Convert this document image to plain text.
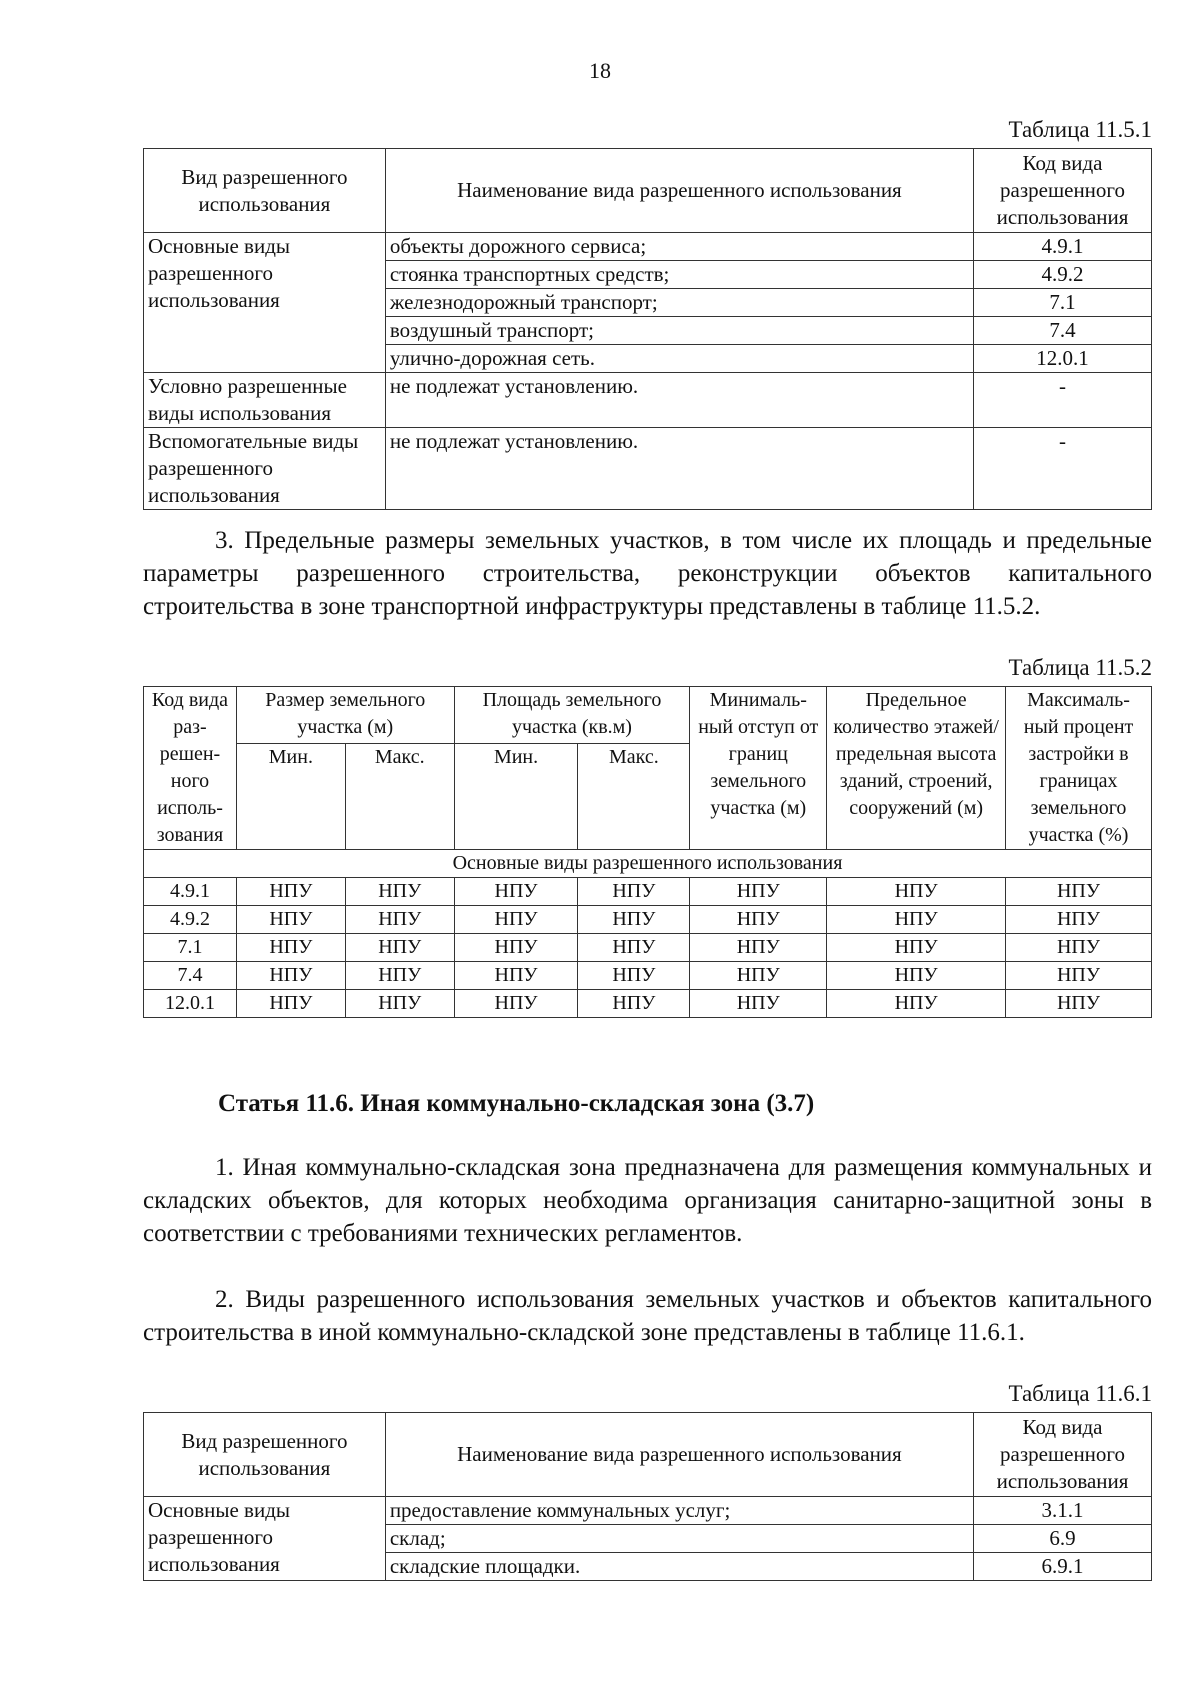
18
Таблица 11.5.1
Вид разрешенного использования	Наименование вида разрешенного использования	Код вида разрешенного использования
Основные виды разрешенного использования	объекты дорожного сервиса;	4.9.1
	стоянка транспортных средств;	4.9.2
	железнодорожный транспорт;	7.1
	воздушный транспорт;	7.4
	улично-дорожная сеть.	12.0.1
Условно разрешенные виды использования	не подлежат установлению.	-
Вспомогательные виды разрешенного использования	не подлежат установлению.	-

3. Предельные размеры земельных участков, в том числе их площадь и предельные параметры разрешенного строительства, реконструкции объектов капитального строительства в зоне транспортной инфраструктуры представлены в таблице 11.5.2.

Таблица 11.5.2
Код вида раз- решен- ного исполь- зования	Размер земельного участка (м)		Площадь земельного участка (кв.м)		Минималь- ный отступ от границ земельного участка (м)	Предельное количество этажей/ предельная высота зданий, строений, сооружений (м)	Максималь- ный процент застройки в границах земельного участка (%)
	Мин.	Макс.	Мин.	Макс.			
Основные виды разрешенного использования							
4.9.1	НПУ	НПУ	НПУ	НПУ	НПУ	НПУ	НПУ
4.9.2	НПУ	НПУ	НПУ	НПУ	НПУ	НПУ	НПУ
7.1	НПУ	НПУ	НПУ	НПУ	НПУ	НПУ	НПУ
7.4	НПУ	НПУ	НПУ	НПУ	НПУ	НПУ	НПУ
12.0.1	НПУ	НПУ	НПУ	НПУ	НПУ	НПУ	НПУ
Статья 11.6. Иная коммунально-складская зона (3.7)

1. Иная коммунально-складская зона предназначена для размещения коммунальных и складских объектов, для которых необходима организация санитарно-защитной зоны в соответствии с требованиями технических регламентов.

2. Виды разрешенного использования земельных участков и объектов капитального строительства в иной коммунально-складской зоне представлены в таблице 11.6.1.

Таблица 11.6.1
Вид разрешенного использования	Наименование вида разрешенного использования	Код вида разрешенного использования
Основные виды разрешенного использования	предоставление коммунальных услуг;	3.1.1
	склад;	6.9
	складские площадки.	6.9.1
